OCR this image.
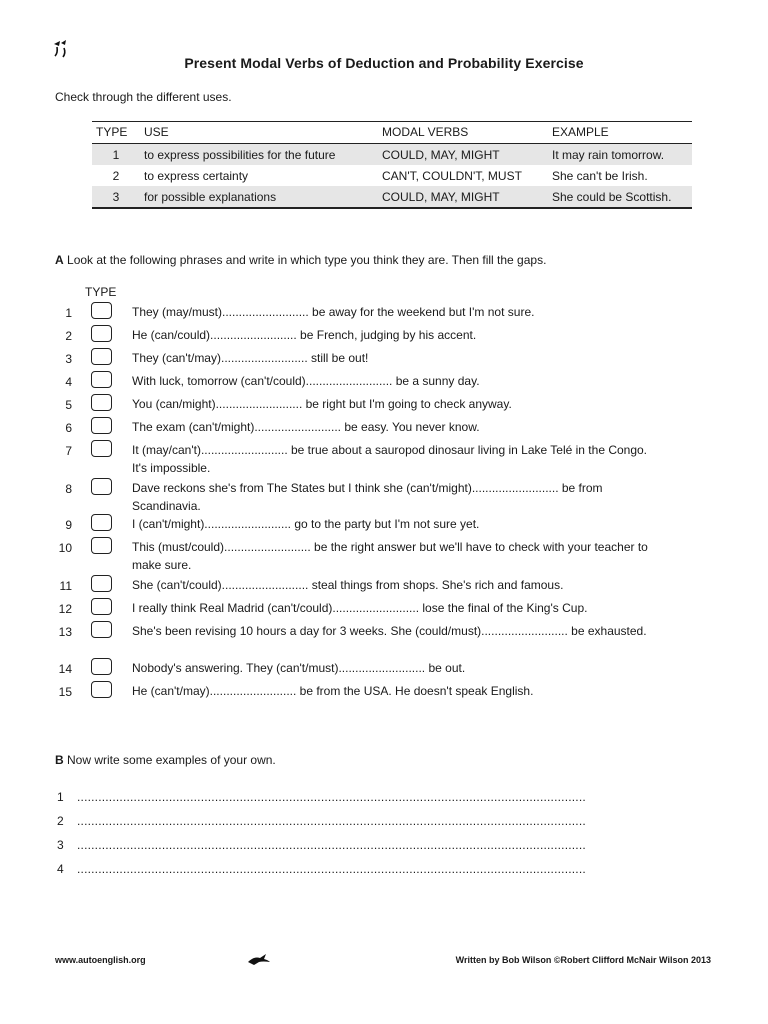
Present Modal Verbs of Deduction and Probability Exercise
Check through the different uses.
TYPE	USE	MODAL VERBS	EXAMPLE
1	to express possibilities for the future	COULD, MAY, MIGHT	It may rain tomorrow.
2	to express certainty	CAN'T, COULDN'T, MUST	She can't be Irish.
3	for possible explanations	COULD, MAY, MIGHT	She could be Scottish.
A Look at the following phrases and write in which type you think they are. Then fill the gaps.
TYPE
1	They (may/must).......................... be away for the weekend but I'm not sure.
2	He (can/could).......................... be French, judging by his accent.
3	They (can't/may).......................... still be out!
4	With luck, tomorrow (can't/could).......................... be a sunny day.
5	You (can/might).......................... be right but I'm going to check anyway.
6	The exam (can't/might).......................... be easy. You never know.
7	It (may/can't).......................... be true about a sauropod dinosaur living in Lake Telé in the Congo. It's impossible.
8	Dave reckons she's from The States but I think she (can't/might).......................... be from Scandinavia.
9	I (can't/might).......................... go to the party but I'm not sure yet.
10	This (must/could).......................... be the right answer but we'll have to check with your teacher to make sure.
11	She (can't/could).......................... steal things from shops. She's rich and famous.
12	I really think Real Madrid (can't/could).......................... lose the final of the King's Cup.
13	She's been revising 10 hours a day for 3 weeks. She (could/must).......................... be exhausted.
14	Nobody's answering. They (can't/must).......................... be out.
15	He (can't/may).......................... be from the USA. He doesn't speak English.
B Now write some examples of your own.
1 ................................................................................................................................................
2 ................................................................................................................................................
3 ................................................................................................................................................
4 ................................................................................................................................................
www.autoenglish.org	Written by Bob Wilson ©Robert Clifford McNair Wilson 2013
